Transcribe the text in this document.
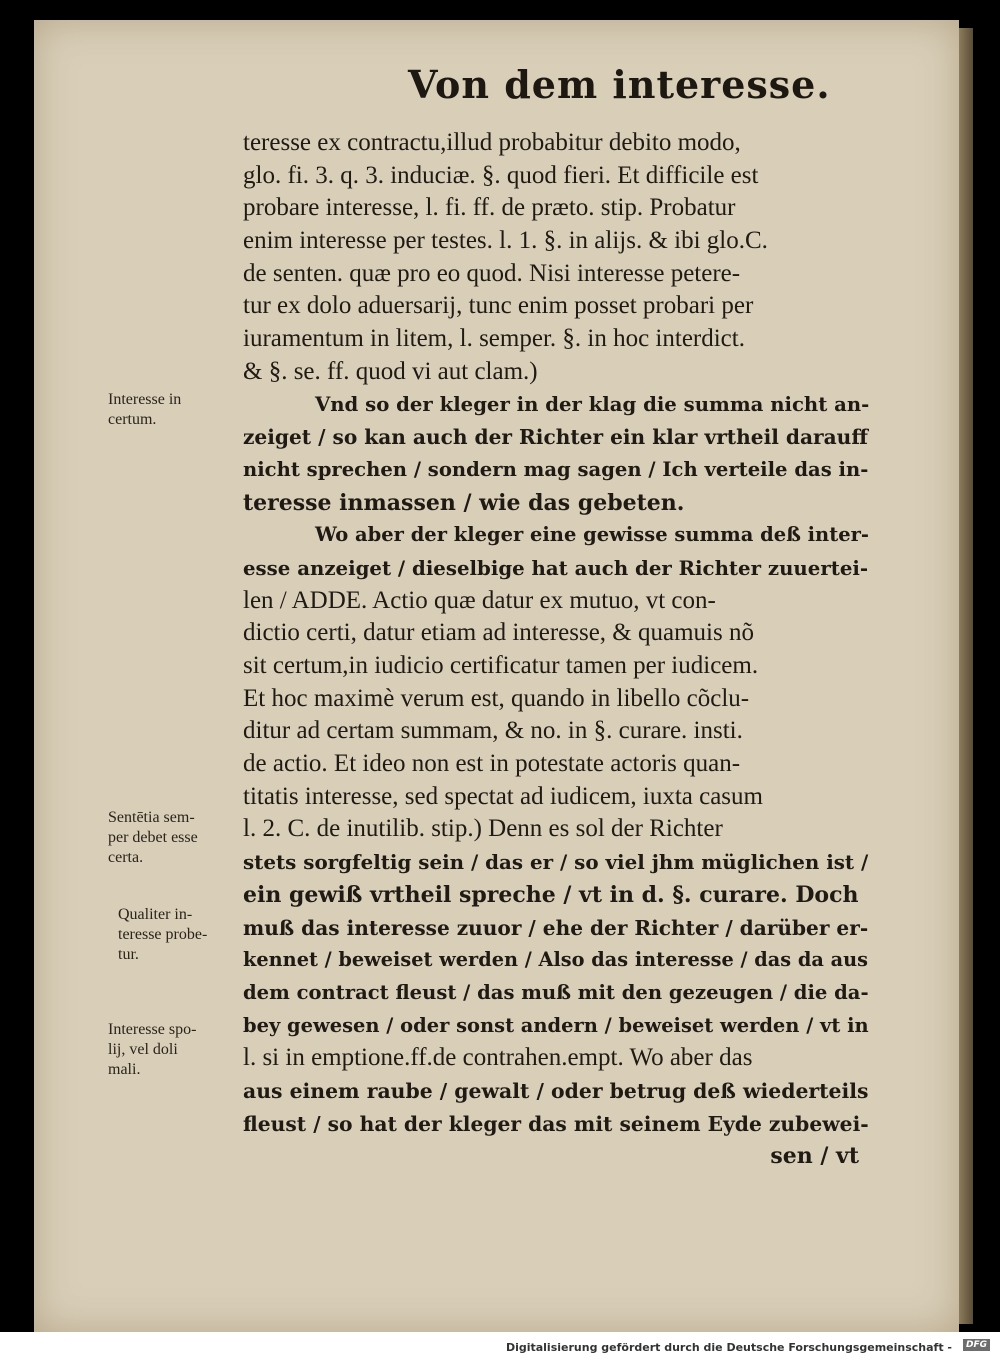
Von dem interesse.
teresse ex contractu,illud probabitur debito modo,
glo. fi. 3. q. 3. induciæ. §. quod fieri. Et difficile est
probare interesse, l. fi. ff. de præto. stip. Probatur
enim interesse per testes. l. 1. §. in alijs. & ibi glo.C.
de senten. quæ pro eo quod. Nisi interesse petere-
tur ex dolo aduersarij, tunc enim posset probari per
iuramentum in litem, l. semper. §. in hoc interdict.
& §. se. ff. quod vi aut clam.)
Vnd so der kleger in der klag die summa nicht an-
zeiget / so kan auch der Richter ein klar vrtheil darauff
nicht sprechen / sondern mag sagen / Ich verteile das in-
teresse inmassen / wie das gebeten.
Wo aber der kleger eine gewisse summa deß inter-
esse anzeiget / dieselbige hat auch der Richter zuuertei-
len / ADDE. Actio quæ datur ex mutuo, vt con-
dictio certi, datur etiam ad interesse, & quamuis nõ
sit certum,in iudicio certificatur tamen per iudicem.
Et hoc maximè verum est, quando in libello cõclu-
ditur ad certam summam, & no. in §. curare. insti.
de actio. Et ideo non est in potestate actoris quan-
titatis interesse, sed spectat ad iudicem, iuxta casum
l. 2. C. de inutilib. stip.) Denn es sol der Richter
stets sorgfeltig sein / das er / so viel jhm müglichen ist /
ein gewiß vrtheil spreche / vt in d. §. curare. Doch
muß das interesse zuuor / ehe der Richter / darüber er-
kennet / beweiset werden / Also das interesse / das da aus
dem contract fleust / das muß mit den gezeugen / die da-
bey gewesen / oder sonst andern / beweiset werden / vt in
l. si in emptione.ff.de contrahen.empt. Wo aber das
aus einem raube / gewalt / oder betrug deß wiederteils
fleust / so hat der kleger das mit seinem Eyde zubewei-
sen / vt
Interesse in
certum.
Sentētia sem-
per debet esse
certa.
Qualiter in-
teresse probe-
tur.
Interesse spo-
lij, vel doli
mali.
Digitalisierung gefördert durch die Deutsche Forschungsgemeinschaft -	DFG
